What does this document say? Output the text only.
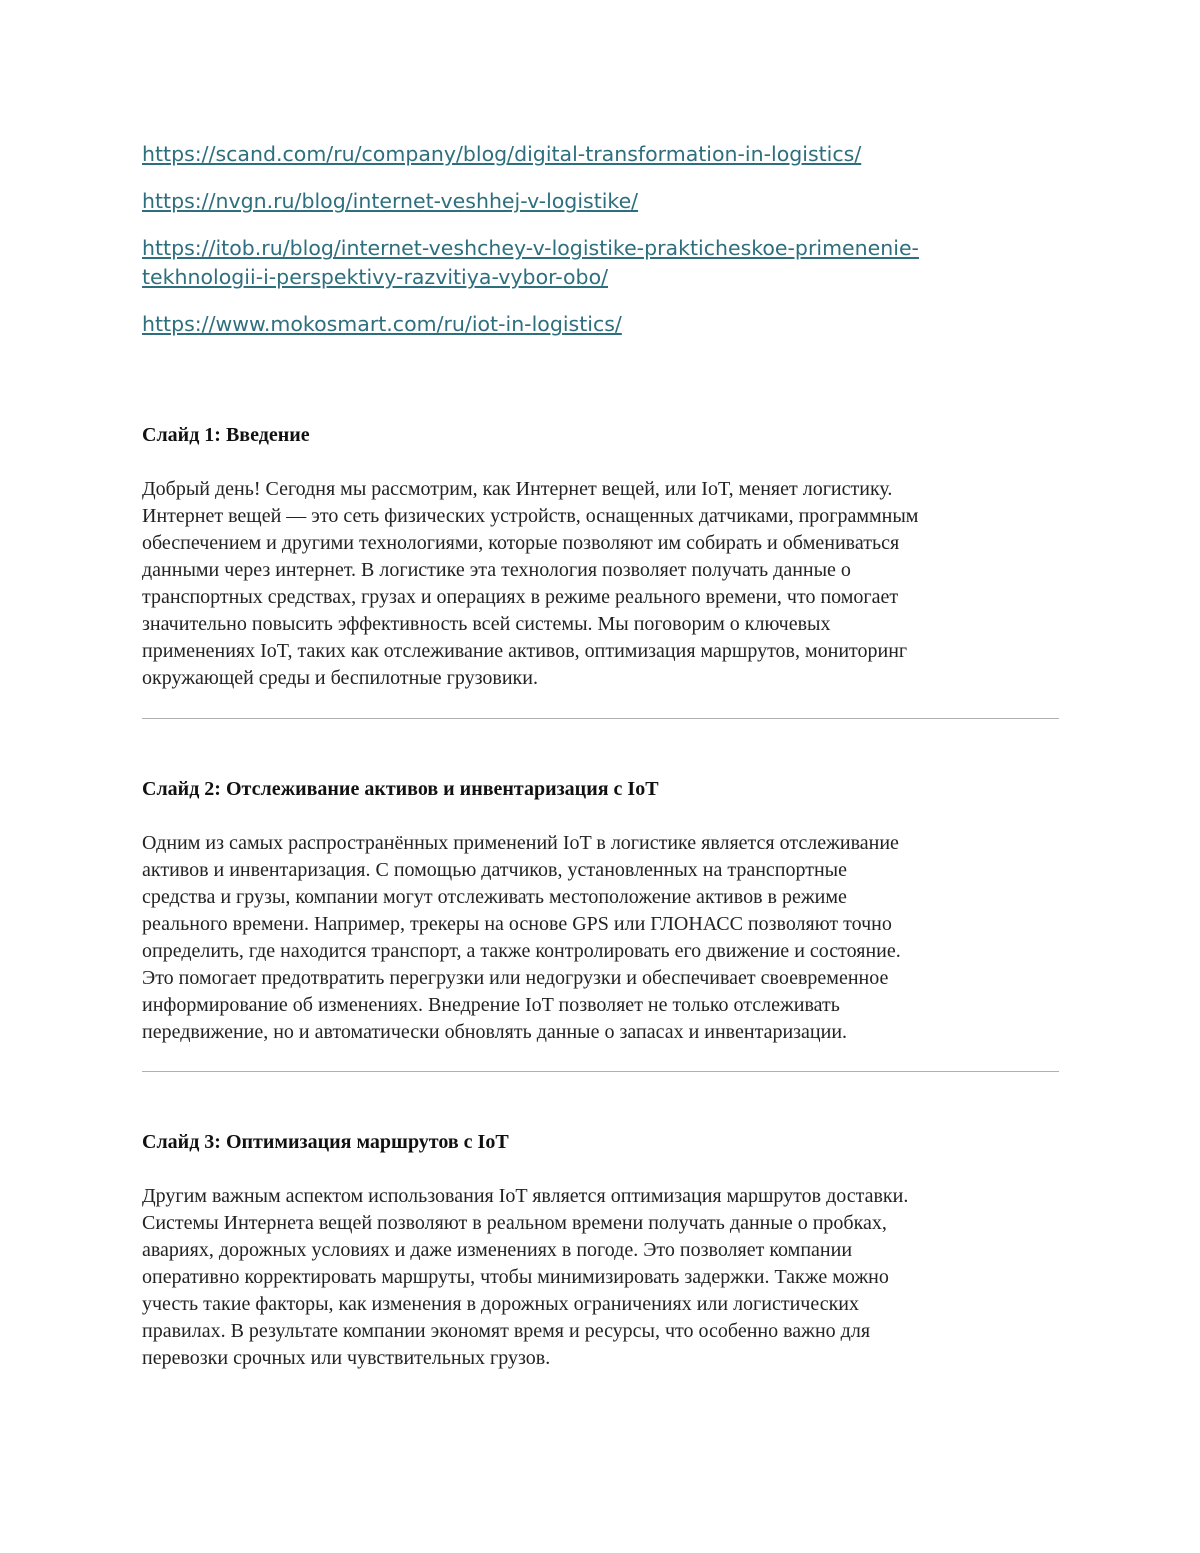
https://scand.com/ru/company/blog/digital-transformation-in-logistics/
https://nvgn.ru/blog/internet-veshhej-v-logistike/
https://itob.ru/blog/internet-veshchey-v-logistike-prakticheskoe-primenenie-
tekhnologii-i-perspektivy-razvitiya-vybor-obo/
https://www.mokosmart.com/ru/iot-in-logistics/

Слайд 1: Введение

Добрый день! Сегодня мы рассмотрим, как Интернет вещей, или IoT, меняет логистику.
Интернет вещей — это сеть физических устройств, оснащенных датчиками, программным
обеспечением и другими технологиями, которые позволяют им собирать и обмениваться
данными через интернет. В логистике эта технология позволяет получать данные о
транспортных средствах, грузах и операциях в режиме реального времени, что помогает
значительно повысить эффективность всей системы. Мы поговорим о ключевых
применениях IoT, таких как отслеживание активов, оптимизация маршрутов, мониторинг
окружающей среды и беспилотные грузовики.

Слайд 2: Отслеживание активов и инвентаризация с IoT

Одним из самых распространённых применений IoT в логистике является отслеживание
активов и инвентаризация. С помощью датчиков, установленных на транспортные
средства и грузы, компании могут отслеживать местоположение активов в режиме
реального времени. Например, трекеры на основе GPS или ГЛОНАСС позволяют точно
определить, где находится транспорт, а также контролировать его движение и состояние.
Это помогает предотвратить перегрузки или недогрузки и обеспечивает своевременное
информирование об изменениях. Внедрение IoT позволяет не только отслеживать
передвижение, но и автоматически обновлять данные о запасах и инвентаризации.

Слайд 3: Оптимизация маршрутов с IoT

Другим важным аспектом использования IoT является оптимизация маршрутов доставки.
Системы Интернета вещей позволяют в реальном времени получать данные о пробках,
авариях, дорожных условиях и даже изменениях в погоде. Это позволяет компании
оперативно корректировать маршруты, чтобы минимизировать задержки. Также можно
учесть такие факторы, как изменения в дорожных ограничениях или логистических
правилах. В результате компании экономят время и ресурсы, что особенно важно для
перевозки срочных или чувствительных грузов.
